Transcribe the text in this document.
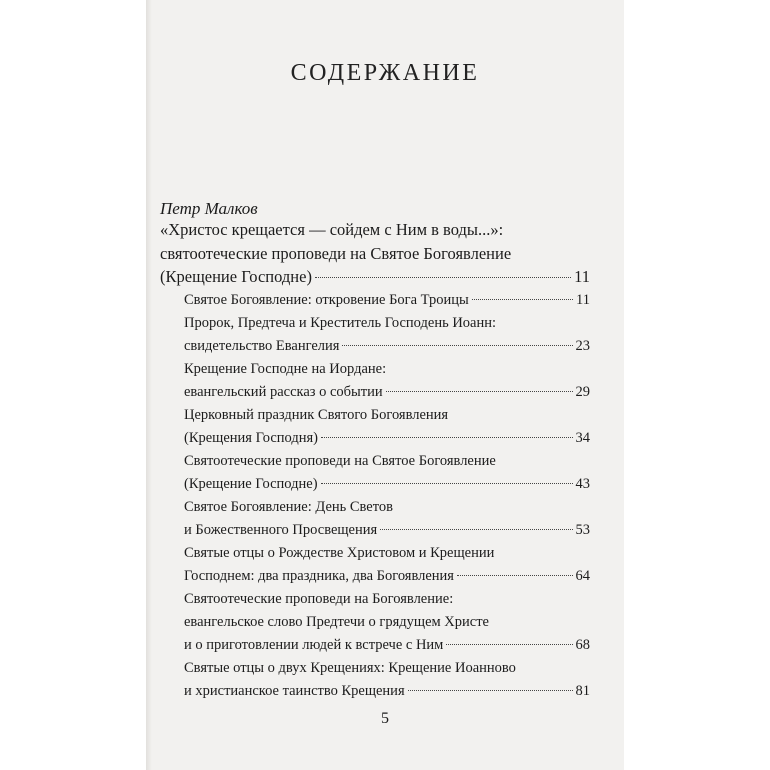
СОДЕРЖАНИЕ
Петр Малков
«Христос крещается — сойдем с Ним в воды...»:
святоотеческие проповеди на Святое Богоявление
(Крещение Господне)	11
Святое Богоявление: откровение Бога Троицы	11
Пророк, Предтеча и Креститель Господень Иоанн:
свидетельство Евангелия	23
Крещение Господне на Иордане:
евангельский рассказ о событии	29
Церковный праздник Святого Богоявления
(Крещения Господня)	34
Святоотеческие проповеди на Святое Богоявление
(Крещение Господне)	43
Святое Богоявление: День Светов
и Божественного Просвещения	53
Святые отцы о Рождестве Христовом и Крещении
Господнем: два праздника, два Богоявления	64
Святоотеческие проповеди на Богоявление:
евангельское слово Предтечи о грядущем Христе
и о приготовлении людей к встрече с Ним	68
Святые отцы о двух Крещениях: Крещение Иоанново
и христианское таинство Крещения	81
5
